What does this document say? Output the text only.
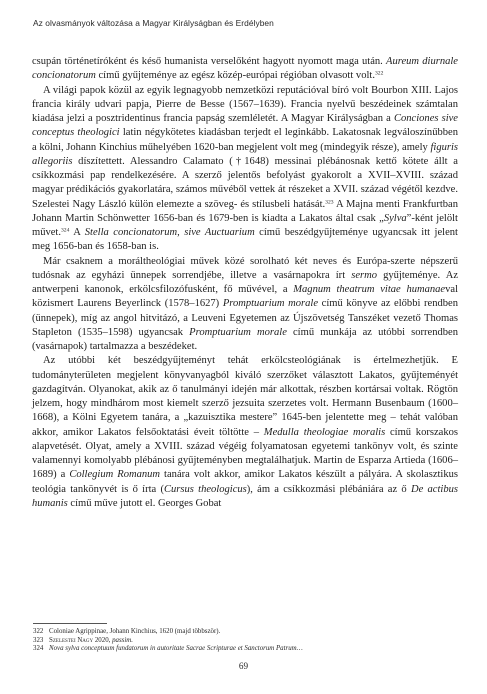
Az olvasmányok változása a Magyar Királyságban és Erdélyben

csupán történetíróként és késő humanista verselőként hagyott nyomott maga után. Aureum diurnale concionatorum című gyűjteménye az egész közép-európai régióban olvasott volt.$^{322}$

A világi papok közül az egyik legnagyobb nemzetközi reputációval bíró volt Bourbon XIII. Lajos francia király udvari papja, Pierre de Besse (1567–1639). Francia nyelvű beszédeinek számtalan kiadása jelzi a posztridentinus francia papság szemléletét. A Magyar Királyságban a Conciones sive conceptus theologici latin négykötetes kiadásban terjedt el leginkább. Lakatosnak legváloszínűbben a kölni, Johann Kinchius műhelyében 1620-ban megjelent volt meg (mindegyik része), amely figuris allegoriis díszítettett. Alessandro Calamato (†1648) messinai plébánosnak kettő kötete állt a csíkkozmási pap rendelkezésére. A szerző jelentős befolyást gyakorolt a XVII–XVIII. század magyar prédikációs gyakorlatára, számos művéből vettek át részeket a XVII. század végétől kezdve. Szelestei Nagy László külön elemezte a szöveg- és stílusbeli hatását.$^{323}$ A Majna menti Frankfurtban Johann Martin Schönwetter 1656-ban és 1679-ben is kiadta a Lakatos által csak „Sylva”-ként jelölt művet.$^{324}$ A Stella concionatorum, sive Auctuarium című beszédgyűjteménye ugyancsak itt jelent meg 1656-ban és 1658-ban is.

Már csaknem a moráltheológiai művek közé sorolható két neves és Európa-szerte népszerű tudósnak az egyházi ünnepek sorrendjébe, illetve a vasárnapokra írt sermo gyűjteménye. Az antwerpeni kanonok, erkölcsfilozófusként, fő művével, a Magnum theatrum vitae humanaeval közismert Laurens Beyerlinck (1578–1627) Promptuarium morale című könyve az előbbi rendben (ünnepek), míg az angol hitvitázó, a Leuveni Egyetemen az Újszövetség Tanszéket vezető Thomas Stapleton (1535–1598) ugyancsak Promptuarium morale című munkája az utóbbi sorrendben (vasárnapok) tartalmazza a beszédeket.

Az utóbbi két beszédgyűjteményt tehát erkölcsteológiának is értelmezhetjük. E tudományterületen megjelent könyvanyagból kiváló szerzőket választott Lakatos, gyűjteményét gazdagítván. Olyanokat, akik az ő tanulmányi idején már alkottak, részben kortársai voltak. Rögtön jelzem, hogy mindhárom most kiemelt szerző jezsuita szerzetes volt. Hermann Busenbaum (1600–1668), a Kölni Egyetem tanára, a „kazuisztika mestere” 1645-ben jelentette meg – tehát valóban akkor, amikor Lakatos felsőoktatási éveit töltötte – Medulla theologiae moralis című korszakos alapvetését. Olyat, amely a XVIII. század végéig folyamatosan egyetemi tankönyv volt, és szinte valamennyi komolyabb plébánosi gyűjteményben megtalálhatjuk. Martin de Esparza Artieda (1606–1689) a Collegium Romanum tanára volt akkor, amikor Lakatos készült a pályára. A skolasztikus teológia tankönyvét is ő írta (Cursus theologicus), ám a csíkkozmási plébániára az ő De actibus humanis című műve jutott el. Georges Gobat

322 Coloniae Agrippinae, Johann Kinchius, 1620 (majd többször).
323 Szelestei Nagy 2020, passim.
324 Nova sylva conceptuum fundatorum in autoritate Sacrae Scripturae et Sanctorum Patrum…
69
